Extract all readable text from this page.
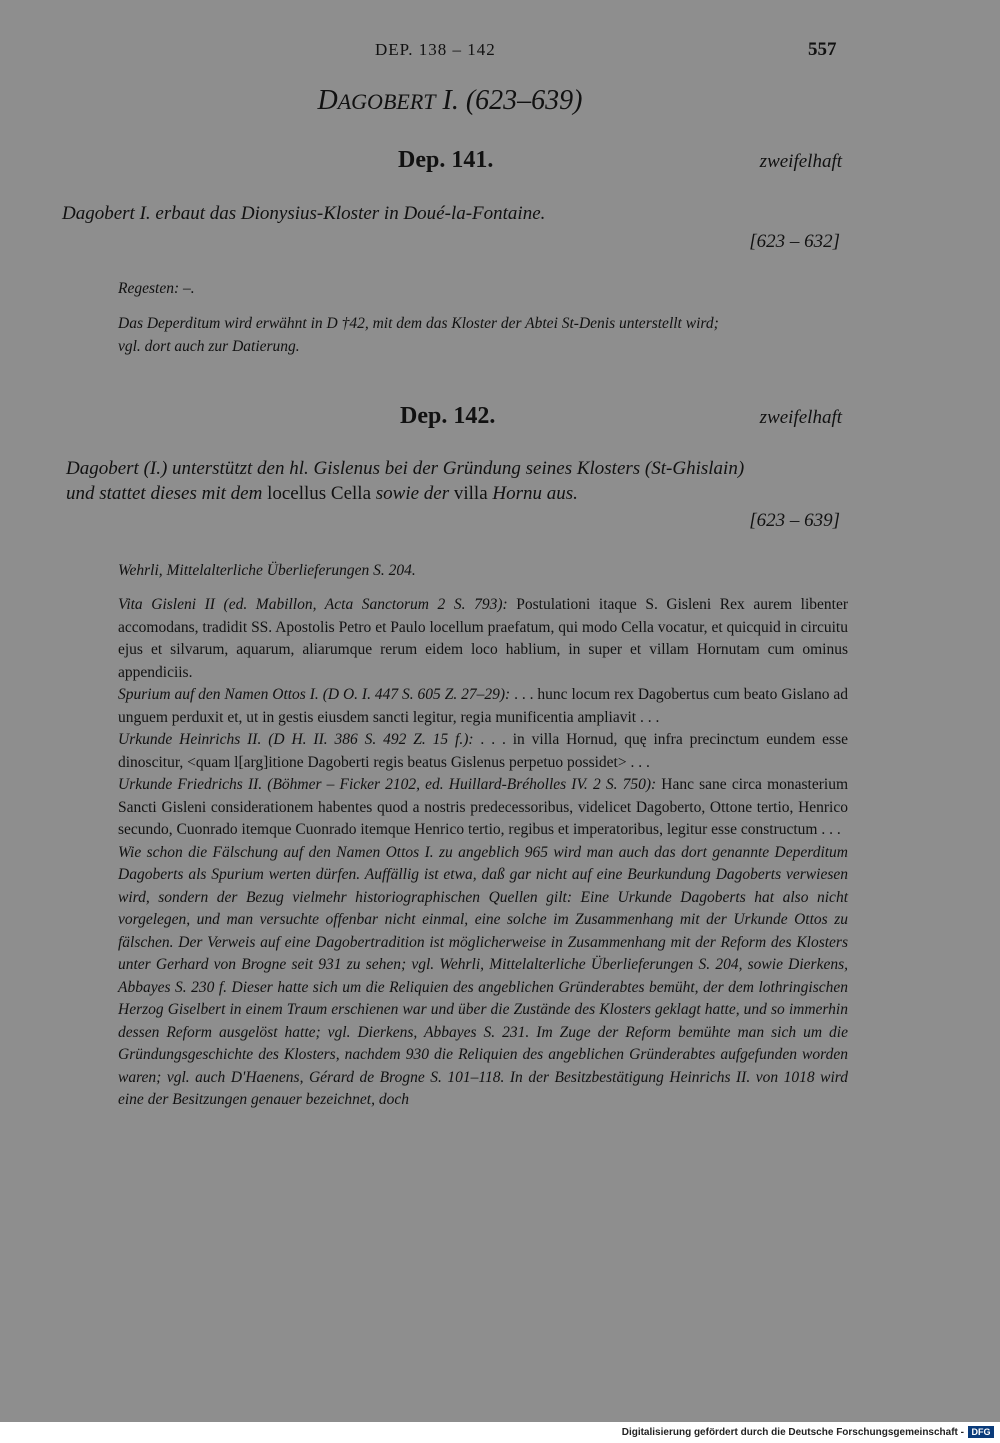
DEP. 138 – 142	557
DAGOBERT I. (623–639)
Dep. 141.	zweifelhaft
Dagobert I. erbaut das Dionysius-Kloster in Doué-la-Fontaine.
[623 – 632]
Regesten: –.
Das Deperditum wird erwähnt in D †42, mit dem das Kloster der Abtei St-Denis unterstellt wird;
vgl. dort auch zur Datierung.
Dep. 142.	zweifelhaft
Dagobert (I.) unterstützt den hl. Gislenus bei der Gründung seines Klosters (St-Ghislain)
und stattet dieses mit dem locellus Cella sowie der villa Hornu aus.
[623 – 639]
Wehrli, Mittelalterliche Überlieferungen S. 204.

Vita Gisleni II (ed. Mabillon, Acta Sanctorum 2 S. 793): Postulationi itaque S. Gisleni Rex aurem libenter accomodans, tradidit SS. Apostolis Petro et Paulo locellum praefatum, qui modo Cella vocatur, et quicquid in circuitu ejus et silvarum, aquarum, aliarumque rerum eidem loco hablium, in super et villam Hornutam cum ominus appendiciis.

Spurium auf den Namen Ottos I. (D O. I. 447 S. 605 Z. 27–29): . . . hunc locum rex Dagobertus cum beato Gislano ad unguem perduxit et, ut in gestis eiusdem sancti legitur, regia munificentia ampliavit . . .

Urkunde Heinrichs II. (D H. II. 386 S. 492 Z. 15 f.): . . . in villa Hornud, quę infra precinctum eundem esse dinoscitur, <quam l[arg]itione Dagoberti regis beatus Gislenus perpetuo possidet> . . .

Urkunde Friedrichs II. (Böhmer – Ficker 2102, ed. Huillard-Bréholles IV. 2 S. 750): Hanc sane circa monasterium Sancti Gisleni considerationem habentes quod a nostris predecessoribus, videlicet Dagoberto, Ottone tertio, Henrico secundo, Cuonrado itemque Cuonrado itemque Henrico tertio, regibus et imperatoribus, legitur esse constructum . . .

Wie schon die Fälschung auf den Namen Ottos I. zu angeblich 965 wird man auch das dort genannte Deperditum Dagoberts als Spurium werten dürfen. Auffällig ist etwa, daß gar nicht auf eine Beurkundung Dagoberts verwiesen wird, sondern der Bezug vielmehr historiographischen Quellen gilt: Eine Urkunde Dagoberts hat also nicht vorgelegen, und man versuchte offenbar nicht einmal, eine solche im Zusammenhang mit der Urkunde Ottos zu fälschen. Der Verweis auf eine Dagobertradition ist möglicherweise in Zusammenhang mit der Reform des Klosters unter Gerhard von Brogne seit 931 zu sehen; vgl. Wehrli, Mittelalterliche Überlieferungen S. 204, sowie Dierkens, Abbayes S. 230 f. Dieser hatte sich um die Reliquien des angeblichen Gründerabtes bemüht, der dem lothringischen Herzog Giselbert in einem Traum erschienen war und über die Zustände des Klosters geklagt hatte, und so immerhin dessen Reform ausgelöst hatte; vgl. Dierkens, Abbayes S. 231. Im Zuge der Reform bemühte man sich um die Gründungsgeschichte des Klosters, nachdem 930 die Reliquien des angeblichen Gründerabtes aufgefunden worden waren; vgl. auch D'Haenens, Gérard de Brogne S. 101–118. In der Besitzbestätigung Heinrichs II. von 1018 wird eine der Besitzungen genauer bezeichnet, doch

Digitalisierung gefördert durch die Deutsche Forschungsgemeinschaft - DFG
